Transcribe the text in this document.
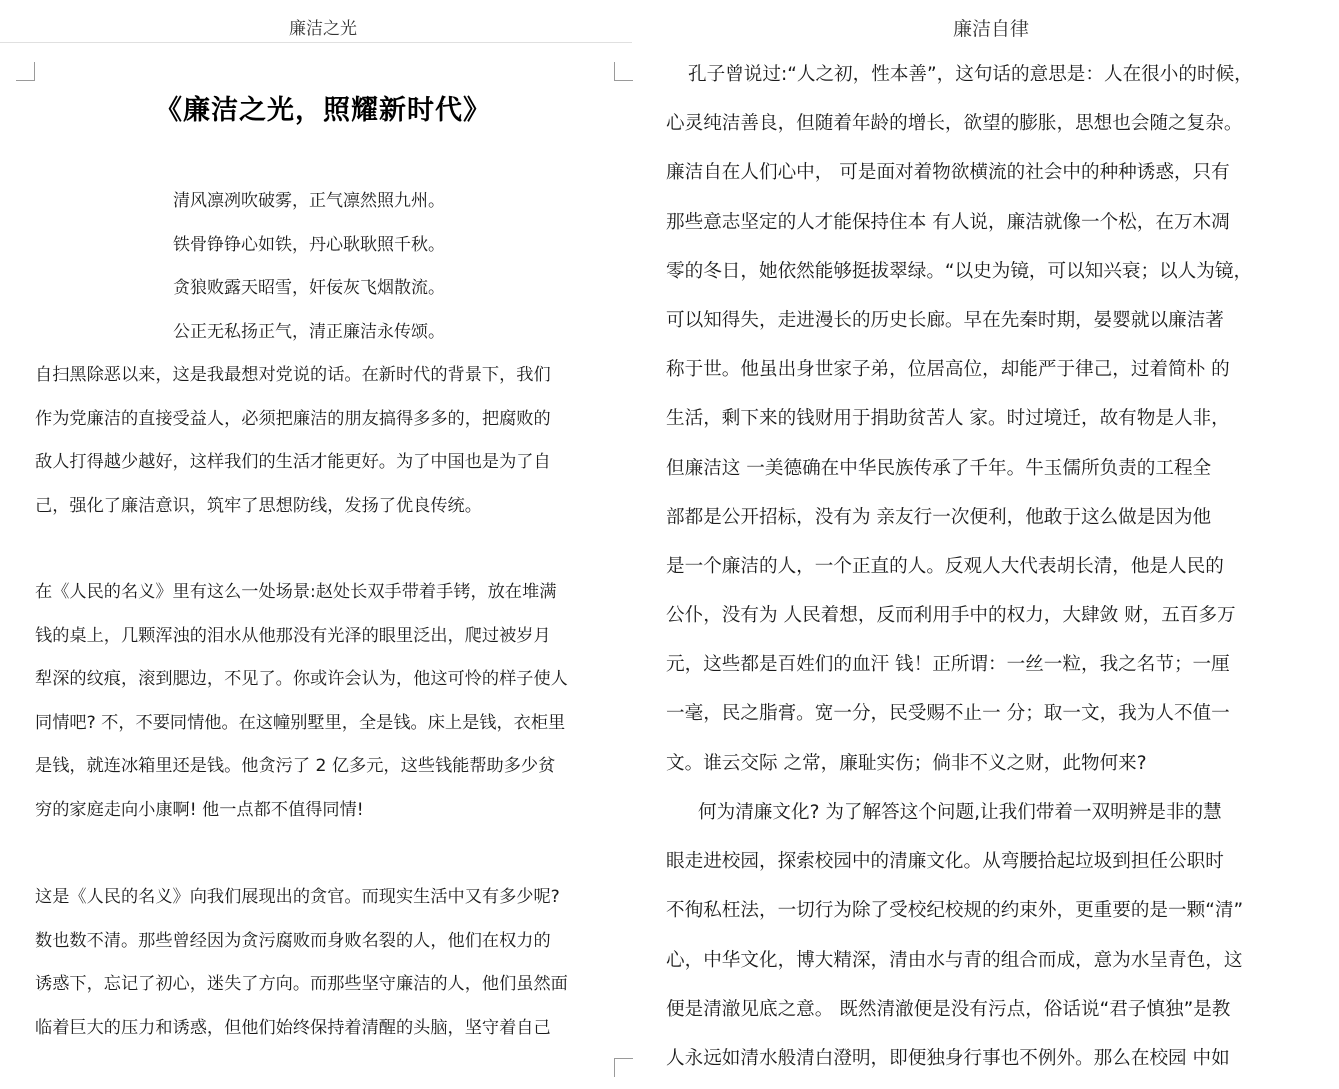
廉洁之光
《廉洁之光，照耀新时代》
清风凛冽吹破雾，正气凛然照九州。
铁骨铮铮心如铁，丹心耿耿照千秋。
贪狼败露天昭雪，奸佞灰飞烟散流。
公正无私扬正气，清正廉洁永传颂。
自扫黑除恶以来，这是我最想对党说的话。在新时代的背景下，我们
作为党廉洁的直接受益人，必须把廉洁的朋友搞得多多的，把腐败的
敌人打得越少越好，这样我们的生活才能更好。为了中国也是为了自
己，强化了廉洁意识，筑牢了思想防线，发扬了优良传统。
在《人民的名义》里有这么一处场景:赵处长双手带着手铐，放在堆满
钱的桌上，几颗浑浊的泪水从他那没有光泽的眼里泛出，爬过被岁月
犁深的纹痕，滚到腮边，不见了。你或许会认为，他这可怜的样子使人
同情吧? 不，不要同情他。在这幢别墅里，全是钱。床上是钱，衣柜里
是钱，就连冰箱里还是钱。他贪污了 2 亿多元，这些钱能帮助多少贫
穷的家庭走向小康啊! 他一点都不值得同情!
这是《人民的名义》向我们展现出的贪官。而现实生活中又有多少呢?
数也数不清。那些曾经因为贪污腐败而身败名裂的人，他们在权力的
诱惑下，忘记了初心，迷失了方向。而那些坚守廉洁的人，他们虽然面
临着巨大的压力和诱惑，但他们始终保持着清醒的头脑，坚守着自己
廉洁自律
孔子曾说过:“人之初，性本善”，这句话的意思是：人在很小的时候，
心灵纯洁善良，但随着年龄的增长，欲望的膨胀，思想也会随之复杂。
廉洁自在人们心中， 可是面对着物欲横流的社会中的种种诱惑，只有
那些意志坚定的人才能保持住本 有人说，廉洁就像一个松，在万木凋
零的冬日，她依然能够挺拔翠绿。“以史为镜，可以知兴衰；以人为镜，
可以知得失，走进漫长的历史长廊。早在先秦时期，晏婴就以廉洁著
称于世。他虽出身世家子弟，位居高位，却能严于律己，过着简朴 的
生活，剩下来的钱财用于捐助贫苦人 家。时过境迁，故有物是人非，
但廉洁这 一美德确在中华民族传承了千年。牛玉儒所负责的工程全
部都是公开招标，没有为 亲友行一次便利，他敢于这么做是因为他
是一个廉洁的人，一个正直的人。反观人大代表胡长清，他是人民的
公仆，没有为 人民着想，反而利用手中的权力，大肆敛 财，五百多万
元，这些都是百姓们的血汗 钱！正所谓：一丝一粒，我之名节；一厘
一毫，民之脂膏。宽一分，民受赐不止一 分；取一文，我为人不值一
文。谁云交际 之常，廉耻实伤；倘非不义之财，此物何来?
何为清廉文化? 为了解答这个问题,让我们带着一双明辨是非的慧
眼走进校园，探索校园中的清廉文化。从弯腰拾起垃圾到担任公职时
不徇私枉法，一切行为除了受校纪校规的约束外，更重要的是一颗“清”
心，中华文化，博大精深，清由水与青的组合而成，意为水呈青色，这
便是清澈见底之意。 既然清澈便是没有污点，俗话说“君子慎独”是教
人永远如清水般清白澄明，即便独身行事也不例外。那么在校园 中如
